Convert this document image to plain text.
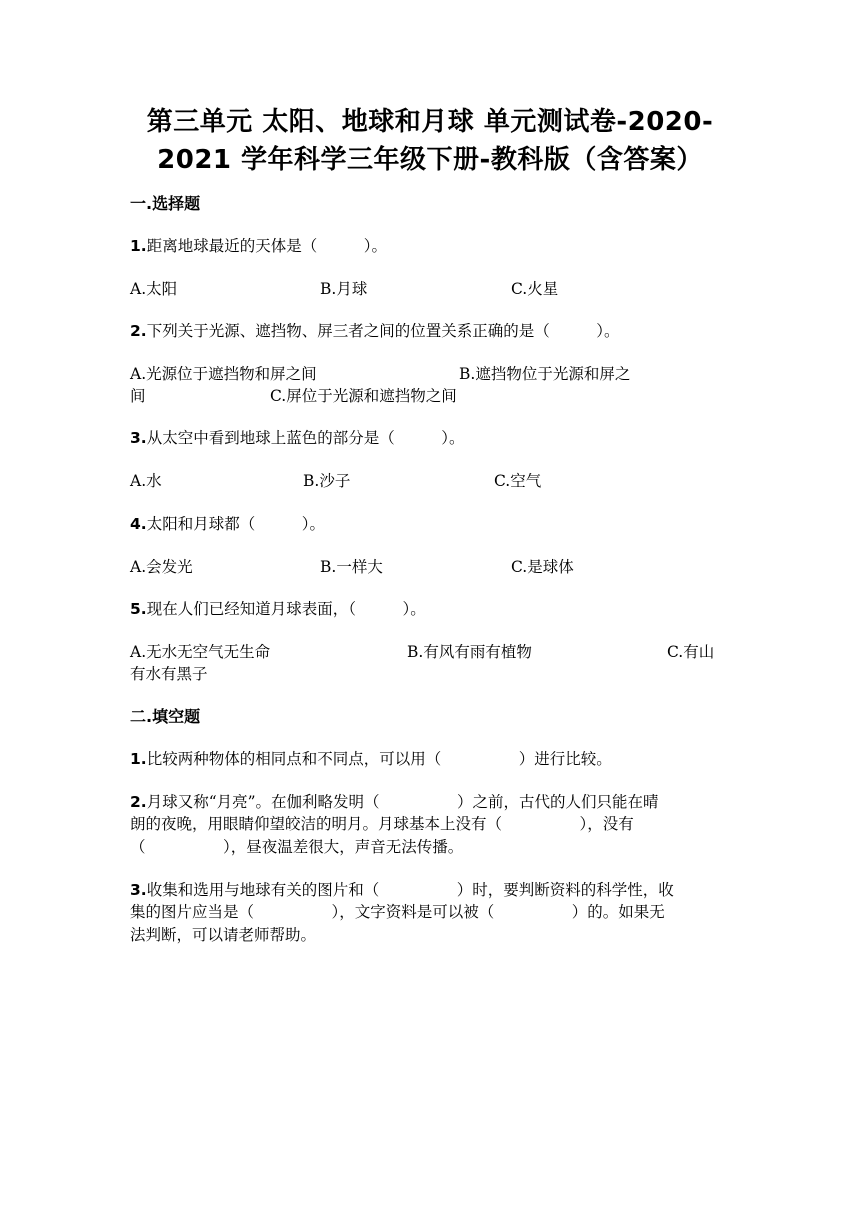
第三单元 太阳、地球和月球 单元测试卷-2020-
2021 学年科学三年级下册-教科版（含答案）
一.选择题
1.距离地球最近的天体是（　　　）。
A.太阳	B.月球	C.火星
2.下列关于光源、遮挡物、屏三者之间的位置关系正确的是（　　　）。
A.光源位于遮挡物和屏之间	B.遮挡物位于光源和屏之
间	C.屏位于光源和遮挡物之间
3.从太空中看到地球上蓝色的部分是（　　　）。
A.水	B.沙子	C.空气
4.太阳和月球都（　　　）。
A.会发光	B.一样大	C.是球体
5.现在人们已经知道月球表面，（　　　）。
A.无水无空气无生命	B.有风有雨有植物	C.有山
有水有黑子
二.填空题
1.比较两种物体的相同点和不同点，可以用（　　　　　）进行比较。
2.月球又称“月亮”。在伽利略发明（　　　　　）之前，古代的人们只能在晴
朗的夜晚，用眼睛仰望皎洁的明月。月球基本上没有（　　　　　），没有
（　　　　　），昼夜温差很大，声音无法传播。
3.收集和选用与地球有关的图片和（　　　　　）时，要判断资料的科学性，收
集的图片应当是（　　　　　），文字资料是可以被（　　　　　）的。如果无
法判断，可以请老师帮助。
